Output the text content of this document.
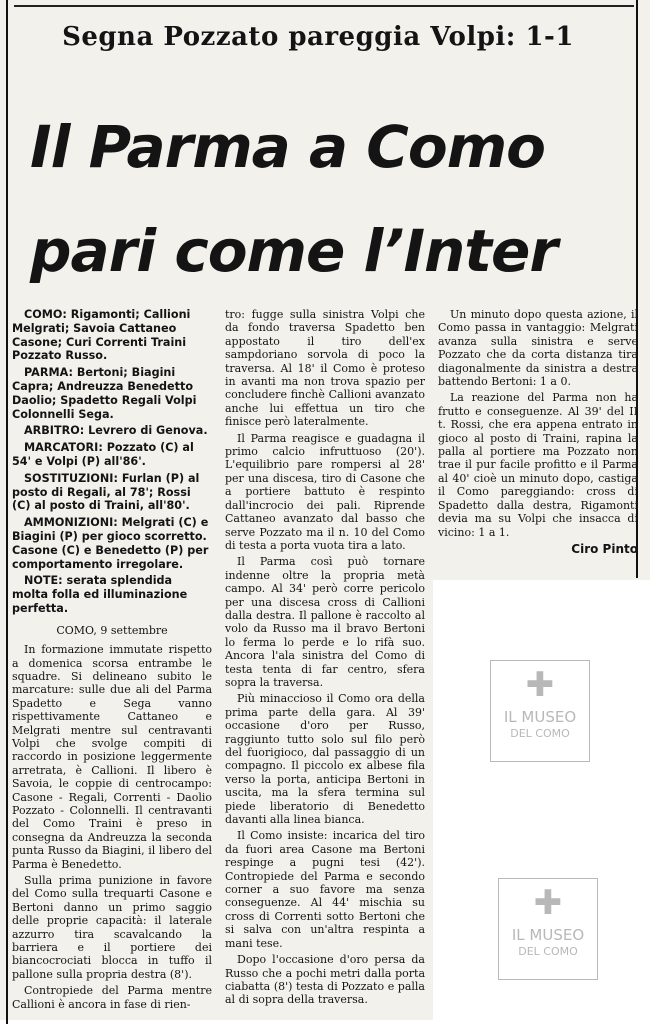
Segna Pozzato pareggia Volpi: 1-1
Il Parma a Como
pari come l’Inter

COMO: Rigamonti; Callioni Melgrati; Savoia Cattaneo Casone; Curi Correnti Traini Pozzato Russo.

PARMA: Bertoni; Biagini Capra; Andreuzza Benedetto Daolio; Spadetto Regali Volpi Colonnelli Sega.

ARBITRO: Levrero di Genova.

MARCATORI: Pozzato (C) al 54' e Volpi (P) all'86'.

SOSTITUZIONI: Furlan (P) al posto di Regali, al 78'; Rossi (C) al posto di Traini, all'80'.

AMMONIZIONI: Melgrati (C) e Biagini (P) per gioco scorretto. Casone (C) e Benedetto (P) per comportamento irregolare.

NOTE: serata splendida molta folla ed illuminazione perfetta.

COMO, 9 settembre

In formazione immutate rispetto a domenica scorsa entrambe le squadre. Si delineano subito le marcature: sulle due ali del Parma Spadetto e Sega vanno rispettivamente Cattaneo e Melgrati mentre sul centravanti Volpi che svolge compiti di raccordo in posizione leggermente arretrata, è Callioni. Il libero è Savoia, le coppie di centrocampo: Casone - Regali, Correnti - Daolio Pozzato - Colonnelli. Il centravanti del Como Traini è preso in consegna da Andreuzza la seconda punta Russo da Biagini, il libero del Parma è Benedetto.

Sulla prima punizione in favore del Como sulla trequarti Casone e Bertoni danno un primo saggio delle proprie capacità: il laterale azzurro tira scavalcando la barriera e il portiere dei biancocrociati blocca in tuffo il pallone sulla propria destra (8').

Contropiede del Parma mentre Callioni è ancora in fase di rien-

tro: fugge sulla sinistra Volpi che da fondo traversa Spadetto ben appostato il tiro dell'ex sampdoriano sorvola di poco la traversa. Al 18' il Como è proteso in avanti ma non trova spazio per concludere finchè Callioni avanzato anche lui effettua un tiro che finisce però lateralmente.

Il Parma reagisce e guadagna il primo calcio infruttuoso (20'). L'equilibrio pare rompersi al 28' per una discesa, tiro di Casone che a portiere battuto è respinto dall'incrocio dei pali. Riprende Cattaneo avanzato dal basso che serve Pozzato ma il n. 10 del Como di testa a porta vuota tira a lato.

Il Parma così può tornare indenne oltre la propria metà campo. Al 34' però corre pericolo per una discesa cross di Callioni dalla destra. Il pallone è raccolto al volo da Russo ma il bravo Bertoni lo ferma lo perde e lo rifà suo. Ancora l'ala sinistra del Como di testa tenta di far centro, sfera sopra la traversa.

Più minaccioso il Como ora della prima parte della gara. Al 39' occasione d'oro per Russo, raggiunto tutto solo sul filo però del fuorigioco, dal passaggio di un compagno. Il piccolo ex albese fila verso la porta, anticipa Bertoni in uscita, ma la sfera termina sul piede liberatorio di Benedetto davanti alla linea bianca.

Il Como insiste: incarica del tiro da fuori area Casone ma Bertoni respinge a pugni tesi (42'). Contropiede del Parma e secondo corner a suo favore ma senza conseguenze. Al 44' mischia su cross di Correnti sotto Bertoni che si salva con un'altra respinta a mani tese.

Dopo l'occasione d'oro persa da Russo che a pochi metri dalla porta ciabatta (8') testa di Pozzato e palla al di sopra della traversa.

Un minuto dopo questa azione, il Como passa in vantaggio: Melgrati avanza sulla sinistra e serve Pozzato che da corta distanza tira diagonalmente da sinistra a destra battendo Bertoni: 1 a 0.

La reazione del Parma non ha frutto e conseguenze. Al 39' del II t. Rossi, che era appena entrato in gioco al posto di Traini, rapina la palla al portiere ma Pozzato non trae il pur facile profitto e il Parma al 40' cioè un minuto dopo, castiga il Como pareggiando: cross di Spadetto dalla destra, Rigamonti devia ma su Volpi che insacca di vicino: 1 a 1.

Ciro Pinto
✚
IL MUSEO
DEL COMO
✚
IL MUSEO
DEL COMO
